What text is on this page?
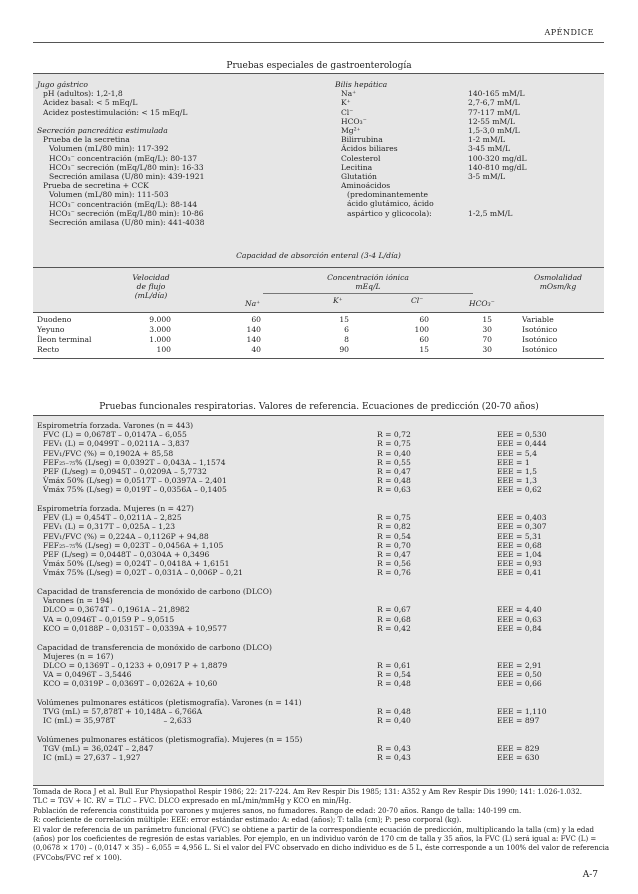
APÉNDICE
Pruebas especiales de gastroenterología
Jugo gástrico
pH (adultos): 1,2-1,8
Acidez basal: < 5 mEq/L
Acidez postestimulación: < 15 mEq/L
Secreción pancreática estimulada
Prueba de la secretina
Volumen (mL/80 min): 117-392
HCO₃⁻ concentración (mEq/L): 80-137
HCO₃⁻ secreción (mEq/L/80 min): 16-33
Secreción amilasa (U/80 min): 439-1921
Prueba de secretina + CCK
Volumen (mL/80 min): 111-503
HCO₃⁻ concentración (mEq/L): 88-144
HCO₃⁻ secreción (mEq/L/80 min): 10-86
Secreción amilasa (U/80 min): 441-4038
Bilis hepática
Na⁺	140-165 mM/L
K⁺	2,7-6,7 mM/L
Cl⁻	77-117 mM/L
HCO₃⁻	12-55 mM/L
Mg²⁺	1,5-3,0 mM/L
Bilirrubina	1-2 mM/L
Ácidos biliares	3-45 mM/L
Colesterol	100-320 mg/dL
Lecitina	140-810 mg/dL
Glutatión	3-5 mM/L
Aminoácidos
(predominantemente
ácido glutámico, ácido
aspártico y glicocola):	1-2,5 mM/L
Capacidad de absorción enteral (3-4 L/día)
Velocidad
de flujo
(mL/día)
Concentración iónica
mEq/L
Na⁺	K⁺	Cl⁻	HCO₃⁻
Osmolalidad
mOsm/kg
Duodeno	9.000	60	15	60	15	Variable
Yeyuno	3.000	140	6	100	30	Isotónico
Íleon terminal	1.000	140	8	60	70	Isotónico
Recto	100	40	90	15	30	Isotónico
Pruebas funcionales respiratorias. Valores de referencia. Ecuaciones de predicción (20-70 años)
Espirometría forzada. Varones (n = 443)
FVC (L) = 0,0678T – 0,0147A – 6,055	R = 0,72	EEE = 0,530
FEV₁ (L) = 0,0499T – 0,0211A – 3,837	R = 0,75	EEE = 0,444
FEV₁/FVC (%) = 0,1902A + 85,58	R = 0,40	EEE = 5,4
FEF₂₅₋₇₅% (L/seg) = 0,0392T – 0,043A – 1,1574	R = 0,55	EEE = 1
PEF (L/seg) = 0,0945T – 0,0209A – 5,7732	R = 0,47	EEE = 1,5
V̇máx 50% (L/seg) = 0,0517T – 0,0397A – 2,401	R = 0,48	EEE = 1,3
V̇máx 75% (L/seg) = 0,019T – 0,0356A – 0,1405	R = 0,63	EEE = 0,62
Espirometría forzada. Mujeres (n = 427)
FEV (L) = 0,454T – 0,0211A – 2,825	R = 0,75	EEE = 0,403
FEV₁ (L) = 0,317T – 0,025A – 1,23	R = 0,82	EEE = 0,307
FEV₁/FVC (%) = 0,224A – 0,1126P + 94,88	R = 0,54	EEE = 5,31
FEF₂₅₋₇₅% (L/seg) = 0,023T – 0,0456A + 1,105	R = 0,70	EEE = 0,68
PEF (L/seg) = 0,0448T – 0,0304A + 0,3496	R = 0,47	EEE = 1,04
V̇máx 50% (L/seg) = 0,024T – 0,0418A + 1,6151	R = 0,56	EEE = 0,93
V̇máx 75% (L/seg) = 0,02T – 0,031A – 0,006P – 0,21	R = 0,76	EEE = 0,41
Capacidad de transferencia de monóxido de carbono (DLCO)
Varones (n = 194)
DLCO = 0,3674T – 0,1961A – 21,8982	R = 0,67	EEE = 4,40
VA = 0,0946T – 0,0159 P – 9,0515	R = 0,68	EEE = 0,63
KCO = 0,0188P – 0,0315T – 0,0339A + 10,9577	R = 0,42	EEE = 0,84
Capacidad de transferencia de monóxido de carbono (DLCO)
Mujeres (n = 167)
DLCO = 0,1369T – 0,1233 + 0,0917 P + 1,8879	R = 0,61	EEE = 2,91
VA = 0,0496T – 3,5446	R = 0,54	EEE = 0,50
KCO = 0,0319P – 0,0369T – 0,0262A + 10,60	R = 0,48	EEE = 0,66
Volúmenes pulmonares estáticos (pletismografía). Varones (n = 141)
TVG (mL) = 57,878T + 10,148A – 6,766A	R = 0,48	EEE = 1,110
IC (mL) = 35,978T                    – 2,633	R = 0,40	EEE = 897
Volúmenes pulmonares estáticos (pletismografía). Mujeres (n = 155)
TGV (mL) = 36,024T – 2,847	R = 0,43	EEE = 829
IC (mL) = 27,637 – 1,927	R = 0,43	EEE = 630
Tomada de Roca J et al. Bull Eur Physiopathol Respir 1986; 22: 217-224. Am Rev Respir Dis 1985; 131: A352 y Am Rev Respir Dis 1990; 141: 1.026-1.032.
TLC = TGV + IC. RV = TLC – FVC. DLCO expresado en mL/min/mmHg y KCO en min/Hg.
Población de referencia constituida por varones y mujeres sanos, no fumadores. Rango de edad: 20-70 años. Rango de talla: 140-199 cm.
R: coeficiente de correlación múltiple: EEE: error estándar estimado: A: edad (años); T: talla (cm); P: peso corporal (kg).
El valor de referencia de un parámetro funcional (FVC) se obtiene a partir de la correspondiente ecuación de predicción, multiplicando la talla (cm) y la edad
(años) por los coeficientes de regresión de estas variables. Por ejemplo, en un individuo varón de 170 cm de talla y 35 años, la FVC (L) será igual a: FVC (L) =
(0,0678 × 170) – (0,0147 × 35) – 6,055 = 4,956 L. Si el valor del FVC observado en dicho individuo es de 5 L, éste corresponde a un 100% del valor de referencia
(FVCobs/FVC ref × 100).
A-7
